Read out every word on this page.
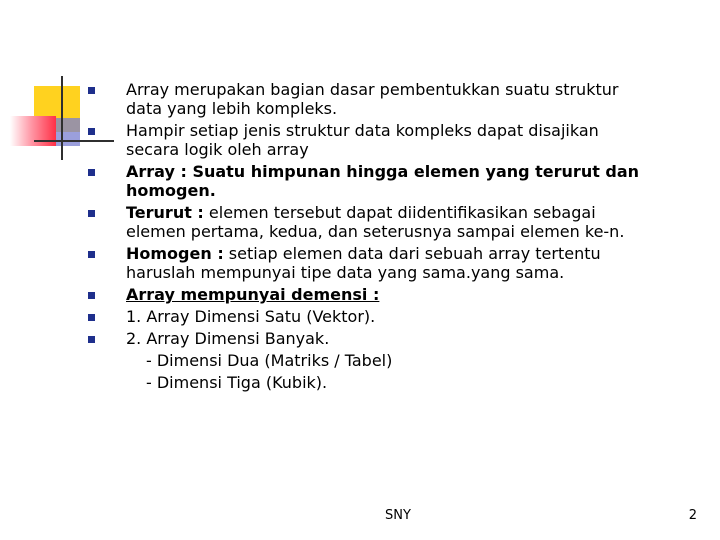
Array merupakan bagian dasar pembentukkan suatu struktur
data yang lebih kompleks.
Hampir setiap jenis struktur data kompleks dapat disajikan
secara logik oleh array
Array : Suatu himpunan hingga elemen yang terurut dan
homogen.
Terurut : elemen tersebut dapat diidentifikasikan sebagai
elemen pertama, kedua, dan seterusnya sampai elemen ke-n.
Homogen : setiap elemen data dari sebuah array tertentu
haruslah mempunyai tipe data yang sama.yang sama.
Array mempunyai demensi :
1. Array Dimensi Satu (Vektor).
2. Array Dimensi Banyak.
- Dimensi Dua (Matriks / Tabel)
- Dimensi Tiga (Kubik).
SNY	2
